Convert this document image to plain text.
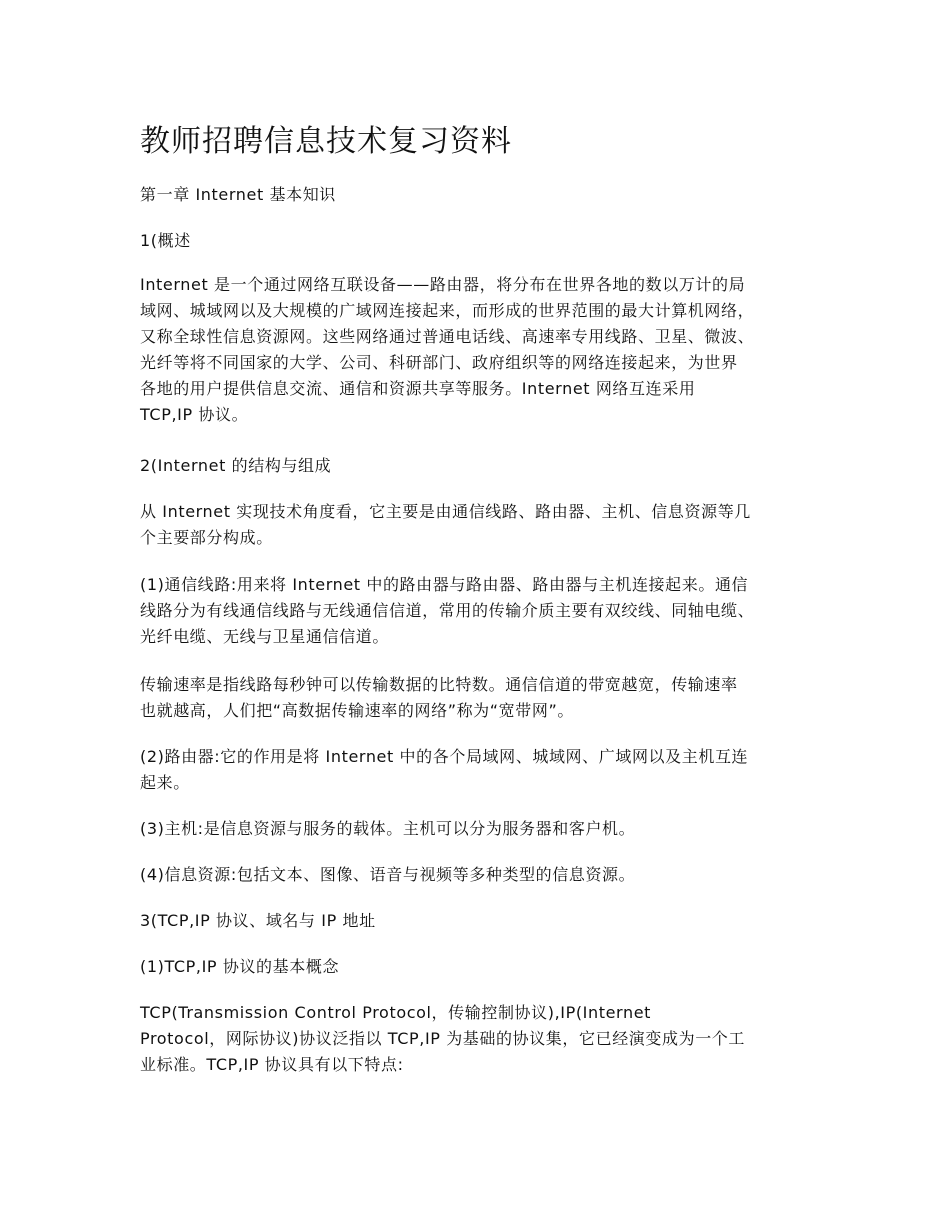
教师招聘信息技术复习资料

第一章 Internet 基本知识

1(概述

Internet 是一个通过网络互联设备——路由器，将分布在世界各地的数以万计的局
域网、城域网以及大规模的广域网连接起来，而形成的世界范围的最大计算机网络，
又称全球性信息资源网。这些网络通过普通电话线、高速率专用线路、卫星、微波、
光纤等将不同国家的大学、公司、科研部门、政府组织等的网络连接起来，为世界
各地的用户提供信息交流、通信和资源共享等服务。Internet 网络互连采用
TCP,IP 协议。

2(Internet 的结构与组成

从 Internet 实现技术角度看，它主要是由通信线路、路由器、主机、信息资源等几
个主要部分构成。
(1)通信线路:用来将 Internet 中的路由器与路由器、路由器与主机连接起来。通信
线路分为有线通信线路与无线通信信道，常用的传输介质主要有双绞线、同轴电缆、
光纤电缆、无线与卫星通信信道。
传输速率是指线路每秒钟可以传输数据的比特数。通信信道的带宽越宽，传输速率
也就越高，人们把“高数据传输速率的网络”称为“宽带网”。
(2)路由器:它的作用是将 Internet 中的各个局域网、城域网、广域网以及主机互连
起来。

(3)主机:是信息资源与服务的载体。主机可以分为服务器和客户机。

(4)信息资源:包括文本、图像、语音与视频等多种类型的信息资源。

3(TCP,IP 协议、域名与 IP 地址

(1)TCP,IP 协议的基本概念

TCP(Transmission Control Protocol，传输控制协议),IP(Internet
Protocol，网际协议)协议泛指以 TCP,IP 为基础的协议集，它已经演变成为一个工
业标准。TCP,IP 协议具有以下特点:
